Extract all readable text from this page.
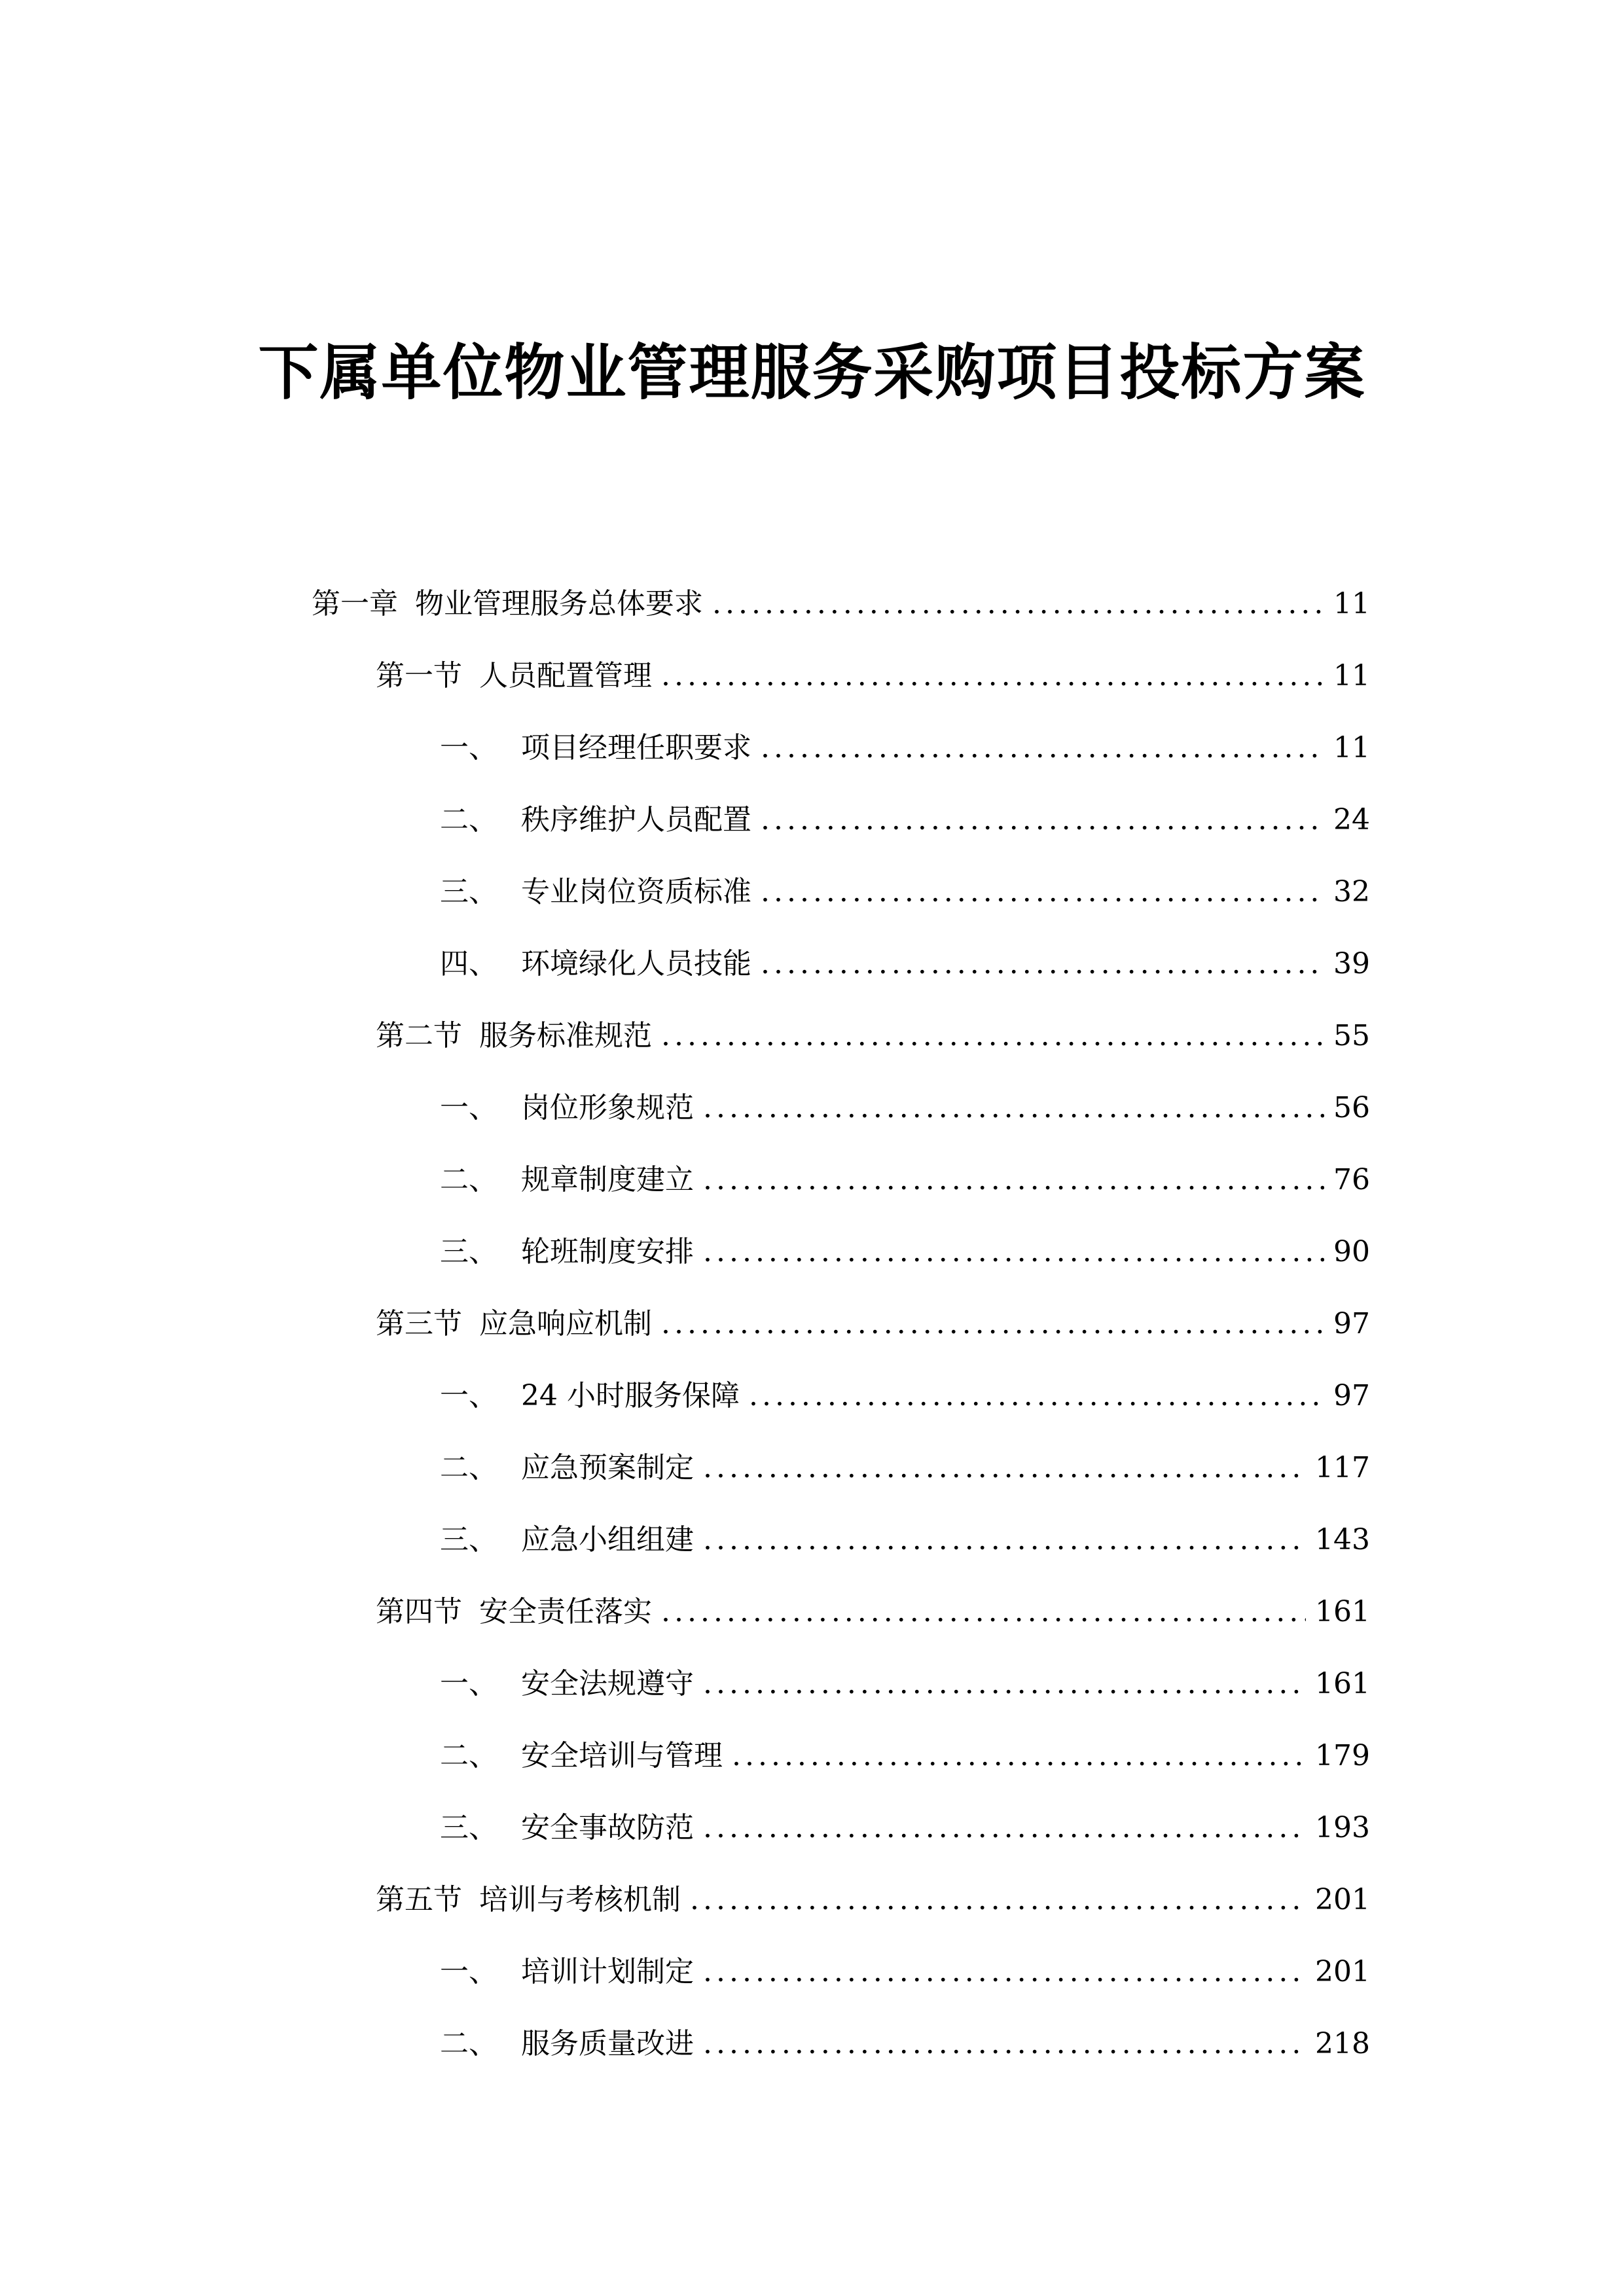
下属单位物业管理服务采购项目投标方案
第一章 物业管理服务总体要求 .....	11
第一节 人员配置管理 .....	11
一、 项目经理任职要求 .....	11
二、 秩序维护人员配置 .....	24
三、 专业岗位资质标准 .....	32
四、 环境绿化人员技能 .....	39
第二节 服务标准规范 .....	55
一、 岗位形象规范 .....	56
二、 规章制度建立 .....	76
三、 轮班制度安排 .....	90
第三节 应急响应机制 .....	97
一、 24 小时服务保障 .....	97
二、 应急预案制定 .....	117
三、 应急小组组建 .....	143
第四节 安全责任落实 .....	161
一、 安全法规遵守 .....	161
二、 安全培训与管理 .....	179
三、 安全事故防范 .....	193
第五节 培训与考核机制 .....	201
一、 培训计划制定 .....	201
二、 服务质量改进 .....	218
